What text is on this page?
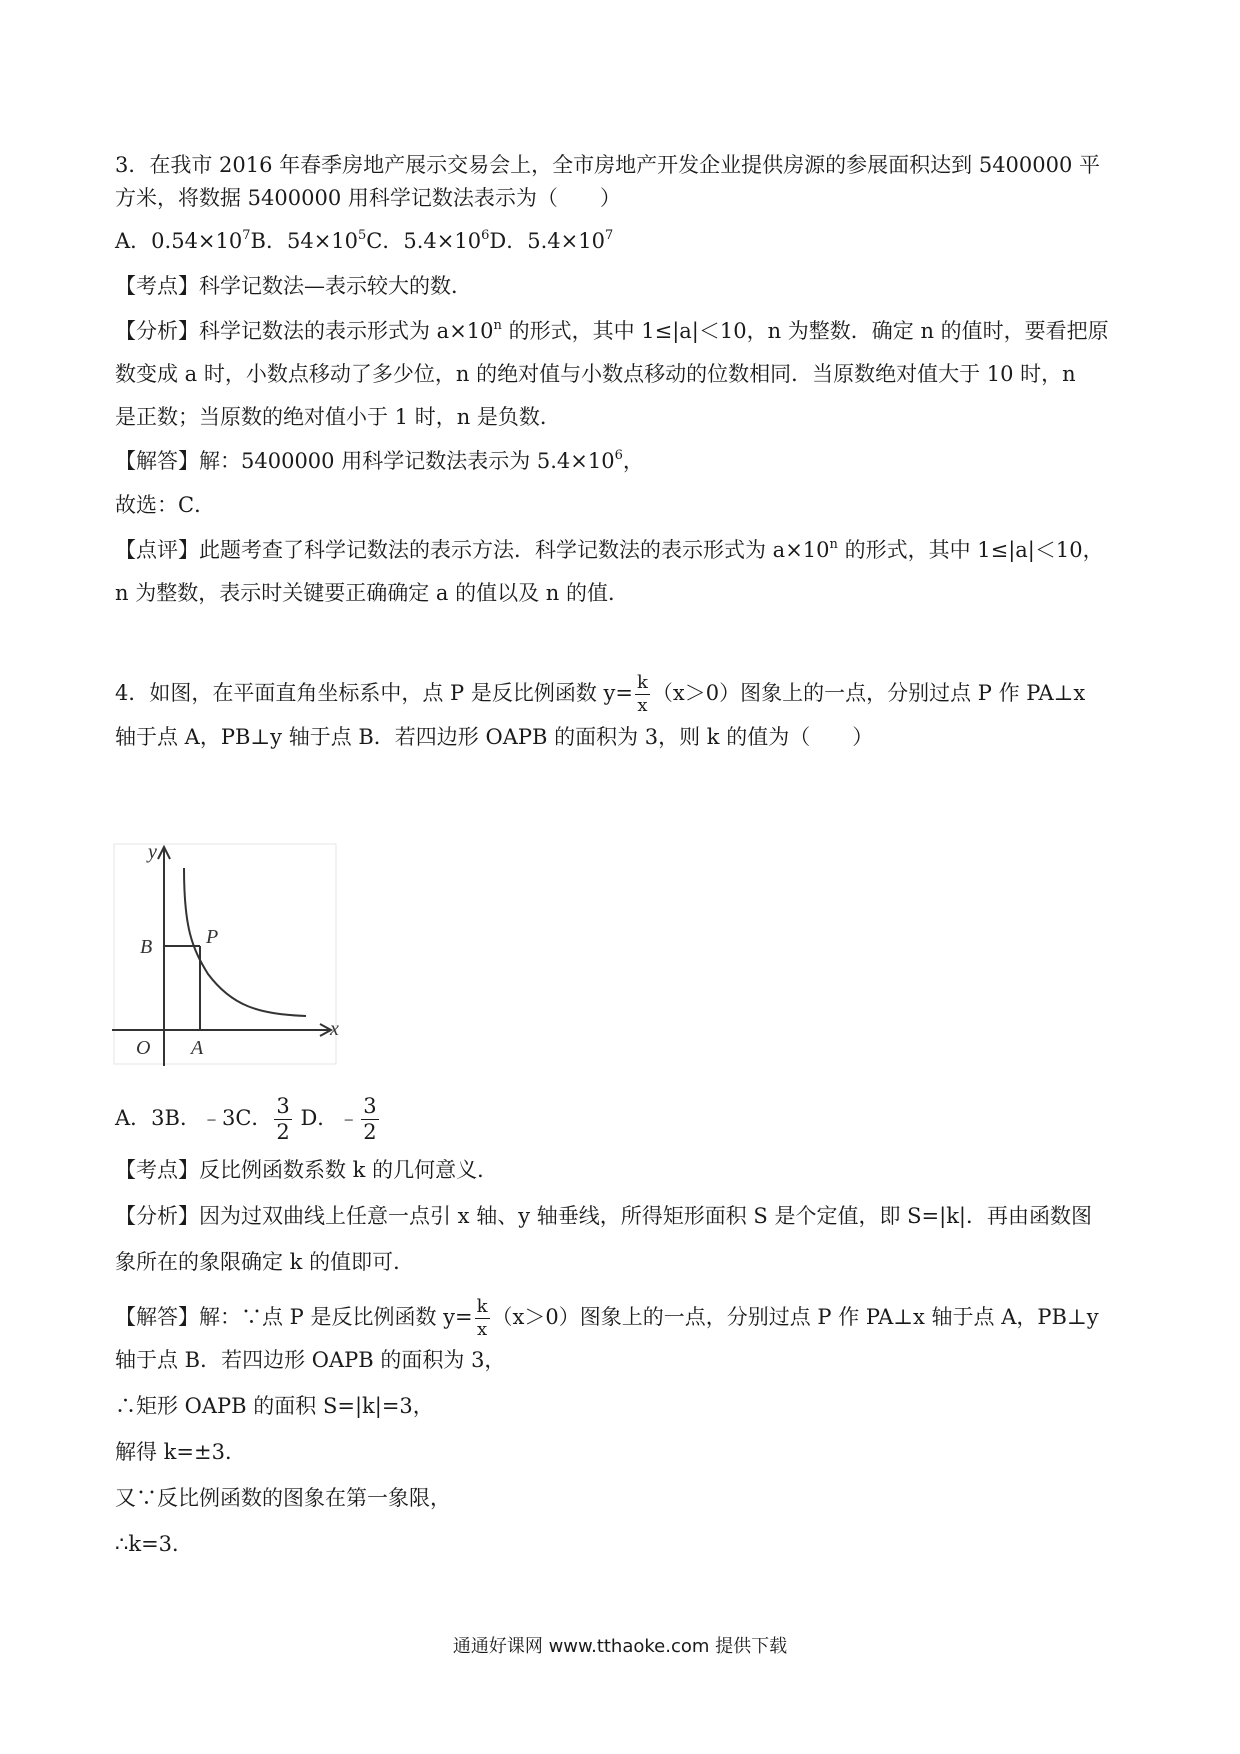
3．在我市 2016 年春季房地产展示交易会上，全市房地产开发企业提供房源的参展面积达到 5400000 平
方米，将数据 5400000 用科学记数法表示为（　　）
A．$0.54\times 10^7B$．$54\times 10^5C$．$5.4\times 10^6D$．$5.4\times 10^7$
【考点】科学记数法—表示较大的数．
【分析】科学记数法的表示形式为 $a\times 10^n$ 的形式，其中 1≤|a|＜10，n 为整数．确定 n 的值时，要看把原
数变成 a 时，小数点移动了多少位，n 的绝对值与小数点移动的位数相同．当原数绝对值大于 10 时，n
是正数；当原数的绝对值小于 1 时，n 是负数．
【解答】解：5400000 用科学记数法表示为 $5.4\times 10^6$，
故选：C．
【点评】此题考查了科学记数法的表示方法．科学记数法的表示形式为 $a\times 10^n$ 的形式，其中 1≤|a|＜10，
n 为整数，表示时关键要正确确定 a 的值以及 n 的值．
4．如图，在平面直角坐标系中，点 P 是反比例函数 $y= \frac{k}{x} (x>0)$图象上的一点，分别过点 P 作 PA⊥x
轴于点 A，PB⊥y 轴于点 B．若四边形 OAPB 的面积为 3，则 k 的值为（　　）
y
x
O A
B	P
A．3B．﹣3C． $\frac{3}{2}$ D．﹣ $\frac{3}{2}$
【考点】反比例函数系数 k 的几何意义．
【分析】因为过双曲线上任意一点引 x 轴、y 轴垂线，所得矩形面积 S 是个定值，即 S=|k|．再由函数图
象所在的象限确定 k 的值即可．
【解答】解：∵点 P 是反比例函数 $y= \frac{k}{x} (x>0)$图象上的一点，分别过点 P 作 PA⊥x 轴于点 A，PB⊥y
轴于点 B．若四边形 OAPB 的面积为 3，
∴矩形 OAPB 的面积 S=|k|=3，
解得 k=±3．
又∵反比例函数的图象在第一象限，
∴k=3．
通通好课网 www.tthaoke.com 提供下载
